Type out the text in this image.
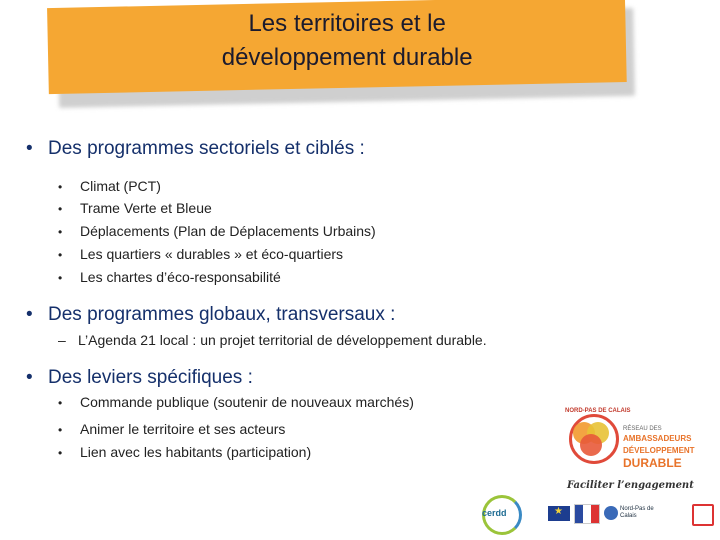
Les territoires et le
développement durable
• Des programmes sectoriels et ciblés :
• Climat (PCT)
• Trame Verte et Bleue
• Déplacements (Plan de Déplacements Urbains)
• Les quartiers « durables » et éco-quartiers
• Les chartes d’éco-responsabilité
• Des programmes globaux, transversaux :
– L’Agenda 21 local : un projet territorial de développement durable.
• Des leviers spécifiques :
• Commande publique (soutenir de nouveaux marchés)
• Animer le territoire et ses acteurs
• Lien avec les habitants (participation)
NORD-PAS DE CALAIS
RÉSEAU DES
AMBASSADEURS
DÉVELOPPEMENT
DURABLE
Faciliter l’engagement
cerdd
★	Nord-Pas de Calais
